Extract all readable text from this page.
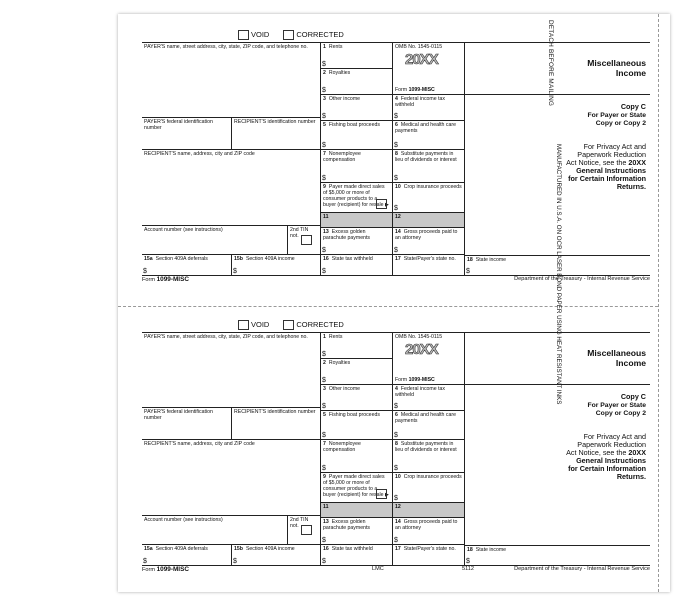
DETACH BEFORE MAILING
MANUFACTURED IN U.S.A. ON OCR LASER BOND PAPER USING HEAT RESISTANT INKS
VOID	CORRECTED
PAYER'S name, street address, city, state, ZIP code, and telephone no.
PAYER'S federal identification number
RECIPIENT'S identification number
RECIPIENT'S name, address, city and ZIP code
Account number (see instructions)	2nd TIN not.
15a Section 409A deferrals
$
15b Section 409A income
$
1 Rents
$
2 Royalties
$
OMB No. 1545-0115
20XX
Form 1099-MISC
3 Other income
$
4 Federal income tax withheld
$
5 Fishing boat proceeds
$
6 Medical and health care payments
$
7 Nonemployee compensation
$
8 Substitute payments in lieu of dividends or interest
$
9 Payer made direct sales of $5,000 or more of consumer products to a buyer (recipient) for resale ▶
10 Crop insurance proceeds
$
11	12
13 Excess golden parachute payments
$
14 Gross proceeds paid to an attorney
$
16 State tax withheld
$
17 State/Payer's state no.
Miscellaneous Income
Copy C
For Payer or State Copy or Copy 2
For Privacy Act and Paperwork Reduction Act Notice, see the 20XX General Instructions for Certain Information Returns.
18 State income
$
Form 1099-MISC	Department of the Treasury - Internal Revenue Service
VOID	CORRECTED
PAYER'S name, street address, city, state, ZIP code, and telephone no.
PAYER'S federal identification number
RECIPIENT'S identification number
RECIPIENT'S name, address, city and ZIP code
Account number (see instructions)	2nd TIN not.
15a Section 409A deferrals
$
15b Section 409A income
$
1 Rents
$
2 Royalties
$
OMB No. 1545-0115
20XX
Form 1099-MISC
3 Other income
$
4 Federal income tax withheld
$
5 Fishing boat proceeds
$
6 Medical and health care payments
$
7 Nonemployee compensation
$
8 Substitute payments in lieu of dividends or interest
$
9 Payer made direct sales of $5,000 or more of consumer products to a buyer (recipient) for resale ▶
10 Crop insurance proceeds
$
11	12
13 Excess golden parachute payments
$
14 Gross proceeds paid to an attorney
$
16 State tax withheld
$
17 State/Payer's state no.
Miscellaneous Income
Copy C
For Payer or State Copy or Copy 2
For Privacy Act and Paperwork Reduction Act Notice, see the 20XX General Instructions for Certain Information Returns.
18 State income
$
Form 1099-MISC	LMC	5112	Department of the Treasury - Internal Revenue Service
